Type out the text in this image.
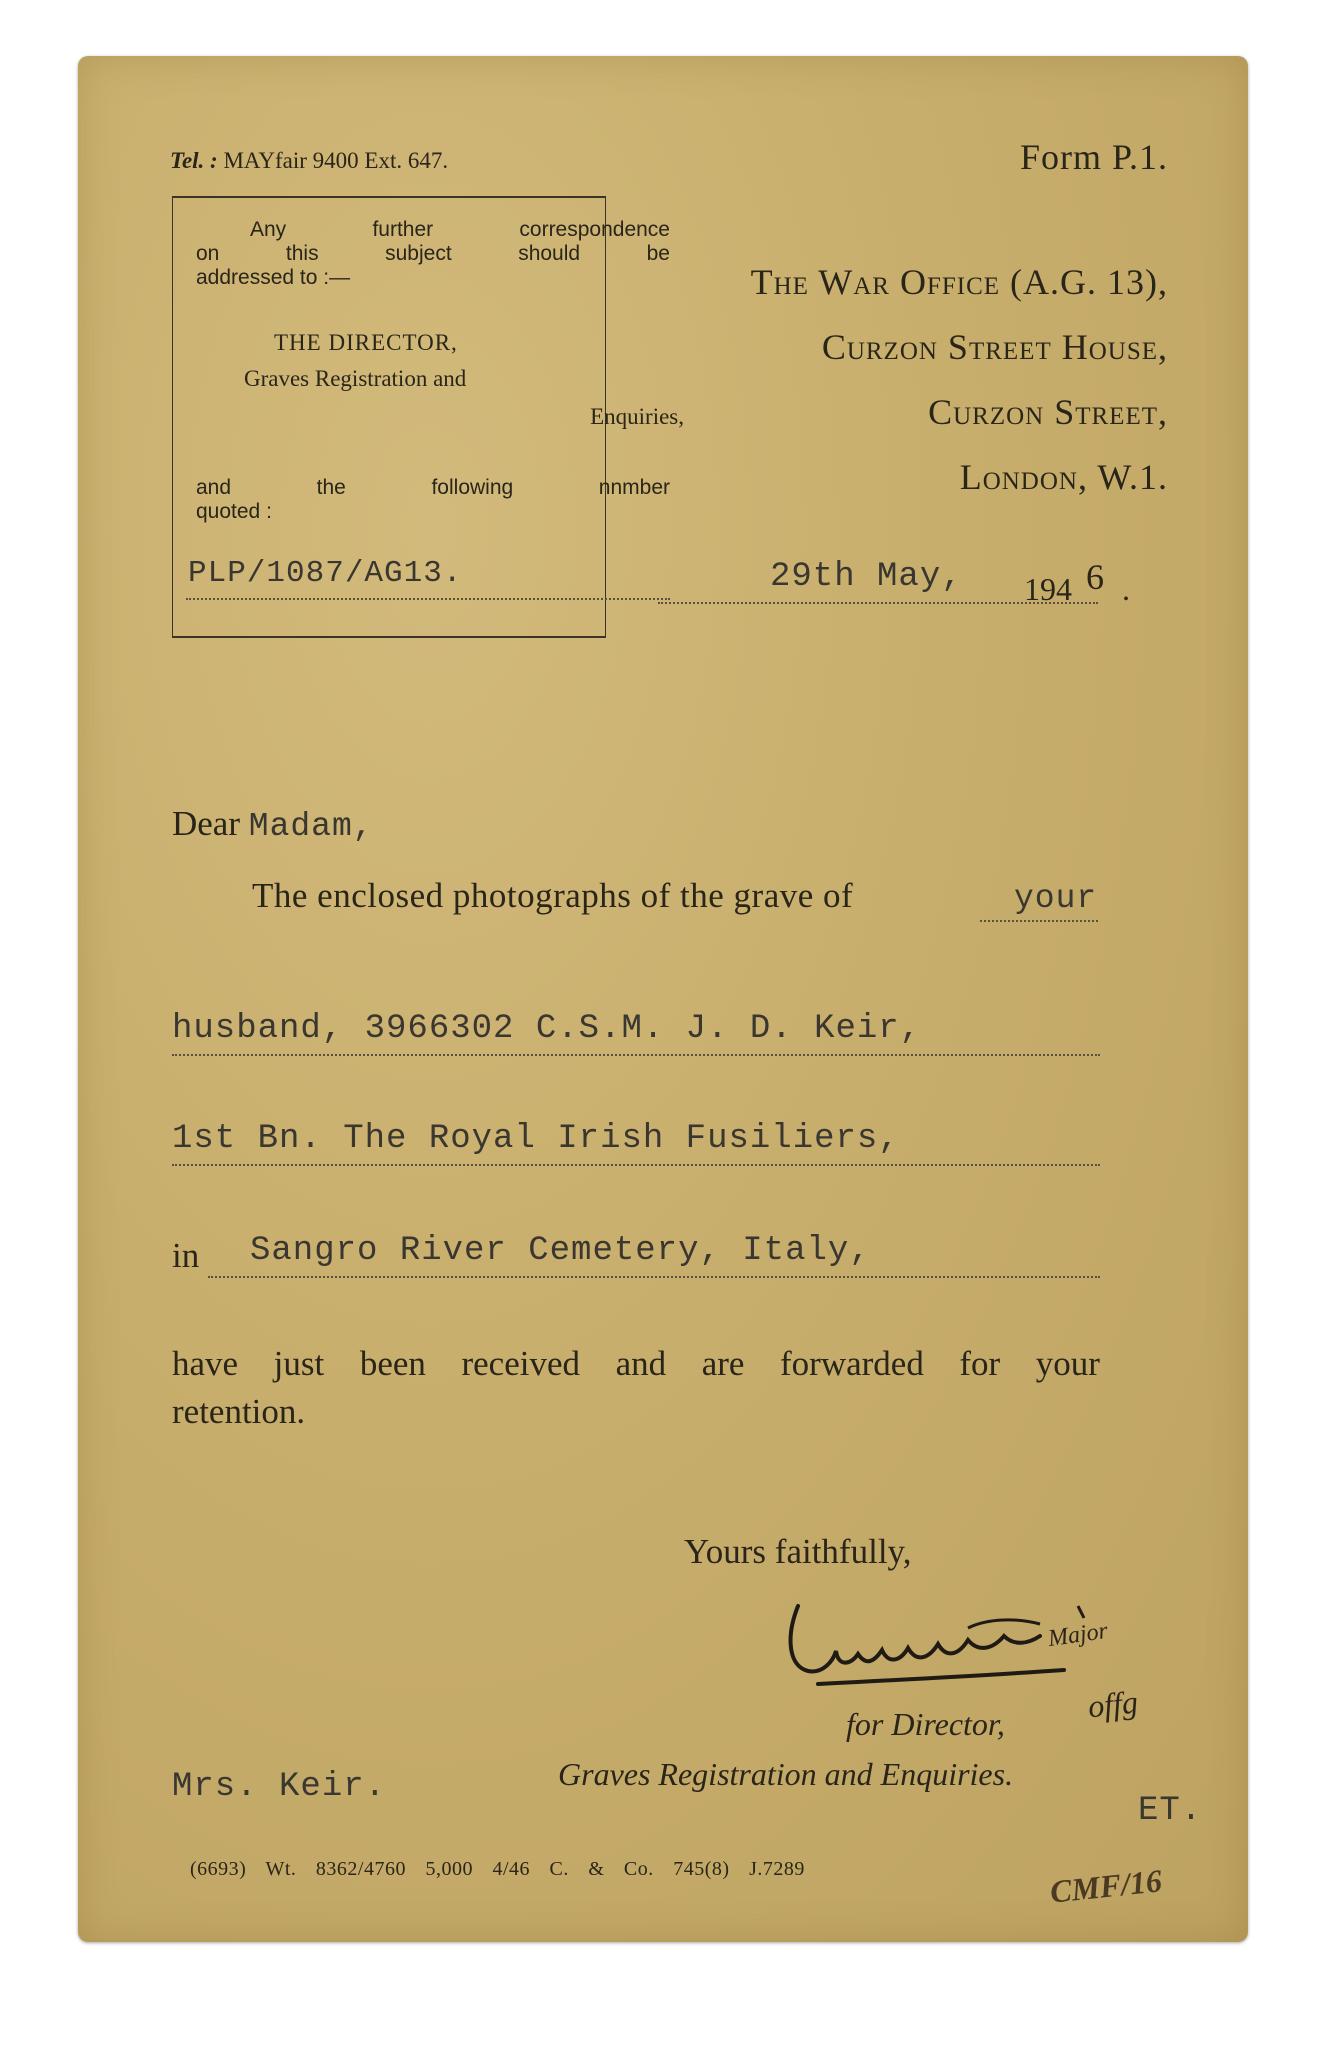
Tel. : MAYfair 9400 Ext. 647.	Form P.1.
Any	further	correspondence
on	this	subject	should	be
addressed to :—
THE DIRECTOR,
Graves Registration and
Enquiries,
and	the	following	nnmber
quoted :
PLP/1087/AG13.
The War Office (A.G. 13),
Curzon Street House,
Curzon Street,
London, W.1.
29th May, 194 6 .
Dear Madam,
The enclosed photographs of the grave of	your
husband, 3966302 C.S.M. J. D. Keir,
1st Bn. The Royal Irish Fusiliers,
in Sangro River Cemetery, Italy,
have just been received and are forwarded for your
retention.
Yours faithfully,
Major
offg
for Director,
Graves Registration and Enquiries.
Mrs. Keir.
ET.
(6693) Wt. 8362/4760 5,000 4/46 C. & Co. 745(8) J.7289	CMF/16
